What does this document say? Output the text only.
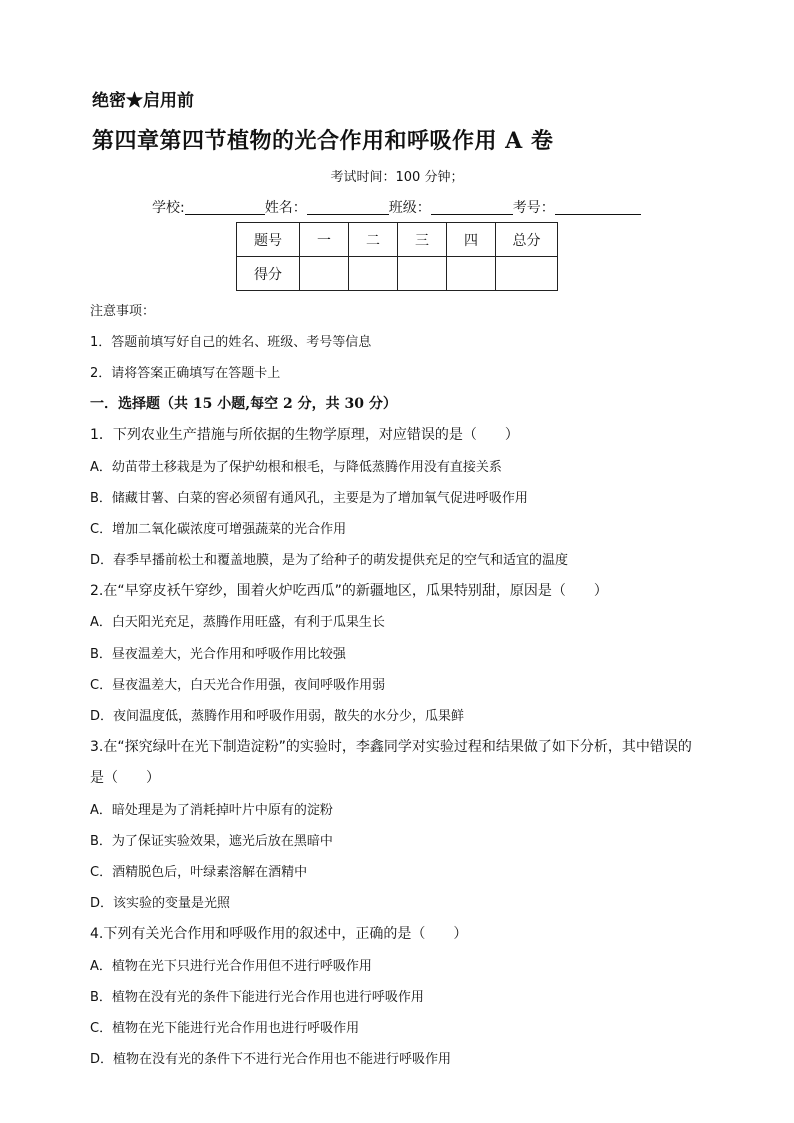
绝密★启用前
第四章第四节植物的光合作用和呼吸作用 A 卷
考试时间：100 分钟；
学校:	姓名：	班级：	考号：
题号	一	二	三	四	总分
得分					
注意事项：
1．答题前填写好自己的姓名、班级、考号等信息
2．请将答案正确填写在答题卡上
一．选择题（共 15 小题,每空 2 分，共 30 分）
1．下列农业生产措施与所依据的生物学原理，对应错误的是（　　）
A．幼苗带土移栽是为了保护幼根和根毛，与降低蒸腾作用没有直接关系
B．储藏甘薯、白菜的窖必须留有通风孔，主要是为了增加氧气促进呼吸作用
C．增加二氧化碳浓度可增强蔬菜的光合作用
D．春季早播前松土和覆盖地膜，是为了给种子的萌发提供充足的空气和适宜的温度
2.在“早穿皮袄午穿纱，围着火炉吃西瓜”的新疆地区，瓜果特别甜，原因是（　　）
A．白天阳光充足，蒸腾作用旺盛，有利于瓜果生长
B．昼夜温差大，光合作用和呼吸作用比较强
C．昼夜温差大，白天光合作用强，夜间呼吸作用弱
D．夜间温度低，蒸腾作用和呼吸作用弱，散失的水分少，瓜果鲜
3.在“探究绿叶在光下制造淀粉”的实验时，李鑫同学对实验过程和结果做了如下分析，其中错误的
是（　　）
A．暗处理是为了消耗掉叶片中原有的淀粉
B．为了保证实验效果，遮光后放在黑暗中
C．酒精脱色后，叶绿素溶解在酒精中
D．该实验的变量是光照
4.下列有关光合作用和呼吸作用的叙述中，正确的是（　　）
A．植物在光下只进行光合作用但不进行呼吸作用
B．植物在没有光的条件下能进行光合作用也进行呼吸作用
C．植物在光下能进行光合作用也进行呼吸作用
D．植物在没有光的条件下不进行光合作用也不能进行呼吸作用
